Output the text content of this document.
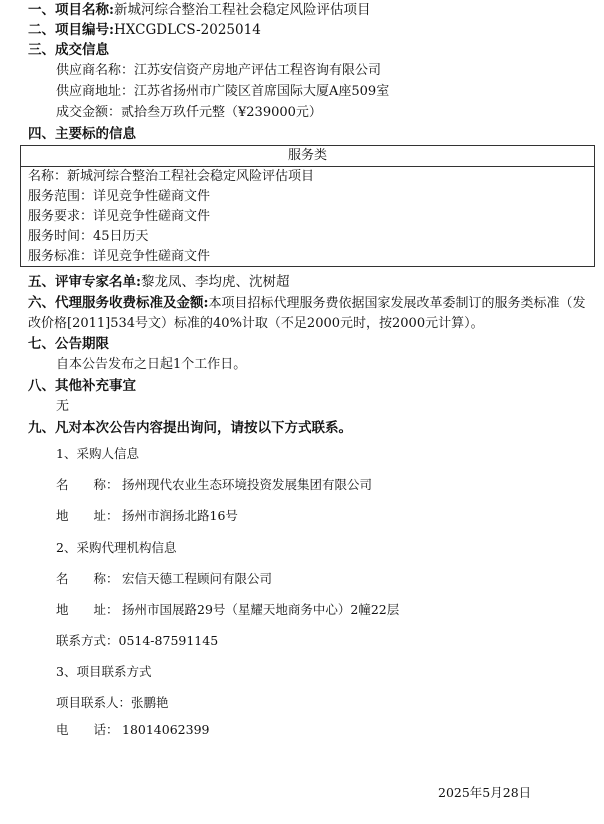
一、项目名称:新城河综合整治工程社会稳定风险评估项目
二、项目编号:HXCGDLCS-2025014
三、成交信息
供应商名称：江苏安信资产房地产评估工程咨询有限公司
供应商地址：江苏省扬州市广陵区首席国际大厦A座509室
成交金额：贰拾叁万玖仟元整（¥239000元）
四、主要标的信息
服务类
名称：新城河综合整治工程社会稳定风险评估项目
服务范围：详见竞争性磋商文件
服务要求：详见竞争性磋商文件
服务时间：45日历天
服务标准：详见竞争性磋商文件
五、评审专家名单:黎龙凤、李均虎、沈树超
六、代理服务收费标准及金额:本项目招标代理服务费依据国家发展改革委制订的服务类标准（发改价格[2011]534号文）标准的40%计取（不足2000元时，按2000元计算）。
七、公告期限
自本公告发布之日起1个工作日。
八、其他补充事宜
无
九、凡对本次公告内容提出询问，请按以下方式联系。
1、采购人信息
名　　称： 扬州现代农业生态环境投资发展集团有限公司
地　　址： 扬州市润扬北路16号
2、采购代理机构信息
名　　称： 宏信天德工程顾问有限公司
地　　址： 扬州市国展路29号（星耀天地商务中心）2幢22层
联系方式：0514-87591145
3、项目联系方式
项目联系人：张鹏艳
电　　话： 18014062399
2025年5月28日
